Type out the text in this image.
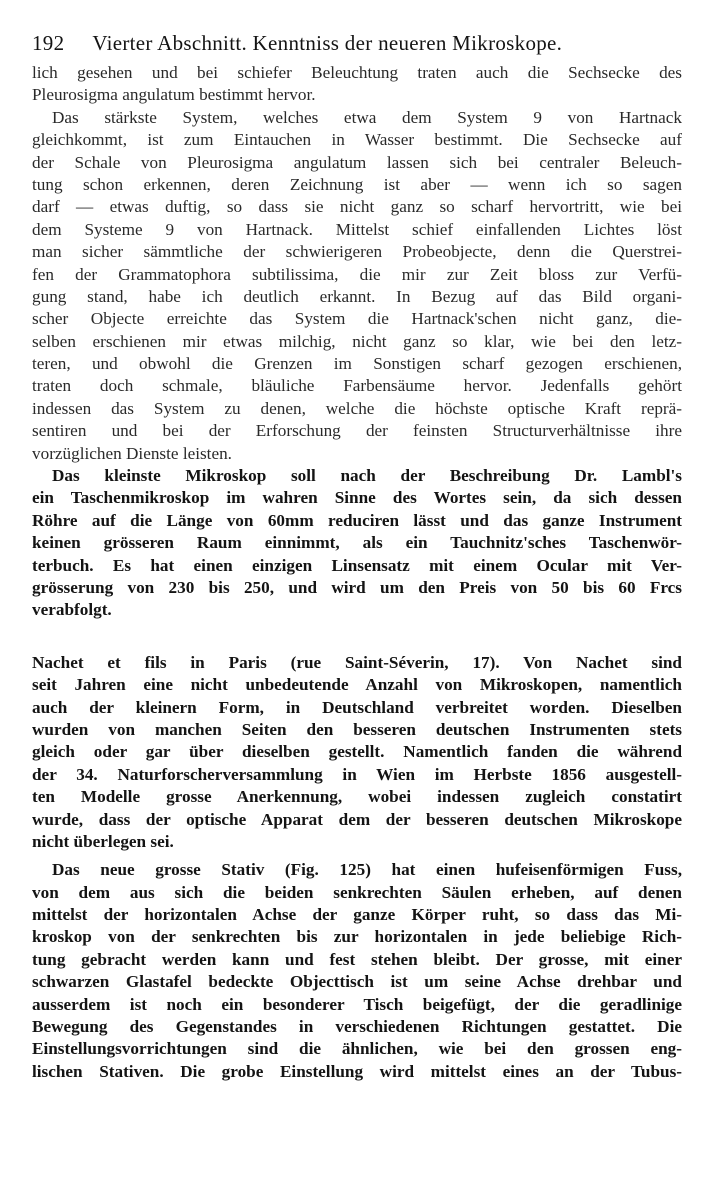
192 Vierter Abschnitt. Kenntniss der neueren Mikroskope.
lich gesehen und bei schiefer Beleuchtung traten auch die Sechsecke des
Pleurosigma angulatum bestimmt hervor.
Das stärkste System, welches etwa dem System 9 von Hartnack
gleichkommt, ist zum Eintauchen in Wasser bestimmt. Die Sechsecke auf
der Schale von Pleurosigma angulatum lassen sich bei centraler Beleuch-
tung schon erkennen, deren Zeichnung ist aber — wenn ich so sagen
darf — etwas duftig, so dass sie nicht ganz so scharf hervortritt, wie bei
dem Systeme 9 von Hartnack. Mittelst schief einfallenden Lichtes löst
man sicher sämmtliche der schwierigeren Probeobjecte, denn die Querstrei-
fen der Grammatophora subtilissima, die mir zur Zeit bloss zur Verfü-
gung stand, habe ich deutlich erkannt. In Bezug auf das Bild organi-
scher Objecte erreichte das System die Hartnack'schen nicht ganz, die-
selben erschienen mir etwas milchig, nicht ganz so klar, wie bei den letz-
teren, und obwohl die Grenzen im Sonstigen scharf gezogen erschienen,
traten doch schmale, bläuliche Farbensäume hervor. Jedenfalls gehört
indessen das System zu denen, welche die höchste optische Kraft reprä-
sentiren und bei der Erforschung der feinsten Structurverhältnisse ihre
vorzüglichen Dienste leisten.
Das kleinste Mikroskop soll nach der Beschreibung Dr. Lambl's
ein Taschenmikroskop im wahren Sinne des Wortes sein, da sich dessen
Röhre auf die Länge von 60mm reduciren lässt und das ganze Instrument
keinen grösseren Raum einnimmt, als ein Tauchnitz'sches Taschenwör-
terbuch. Es hat einen einzigen Linsensatz mit einem Ocular mit Ver-
grösserung von 230 bis 250, und wird um den Preis von 50 bis 60 Frcs
verabfolgt.
Nachet et fils in Paris (rue Saint-Séverin, 17). Von Nachet sind
seit Jahren eine nicht unbedeutende Anzahl von Mikroskopen, namentlich
auch der kleinern Form, in Deutschland verbreitet worden. Dieselben
wurden von manchen Seiten den besseren deutschen Instrumenten stets
gleich oder gar über dieselben gestellt. Namentlich fanden die während
der 34. Naturforscherversammlung in Wien im Herbste 1856 ausgestell-
ten Modelle grosse Anerkennung, wobei indessen zugleich constatirt
wurde, dass der optische Apparat dem der besseren deutschen Mikroskope
nicht überlegen sei.
Das neue grosse Stativ (Fig. 125) hat einen hufeisenförmigen Fuss,
von dem aus sich die beiden senkrechten Säulen erheben, auf denen
mittelst der horizontalen Achse der ganze Körper ruht, so dass das Mi-
kroskop von der senkrechten bis zur horizontalen in jede beliebige Rich-
tung gebracht werden kann und fest stehen bleibt. Der grosse, mit einer
schwarzen Glastafel bedeckte Objecttisch ist um seine Achse drehbar und
ausserdem ist noch ein besonderer Tisch beigefügt, der die geradlinige
Bewegung des Gegenstandes in verschiedenen Richtungen gestattet. Die
Einstellungsvorrichtungen sind die ähnlichen, wie bei den grossen eng-
lischen Stativen. Die grobe Einstellung wird mittelst eines an der Tubus-
